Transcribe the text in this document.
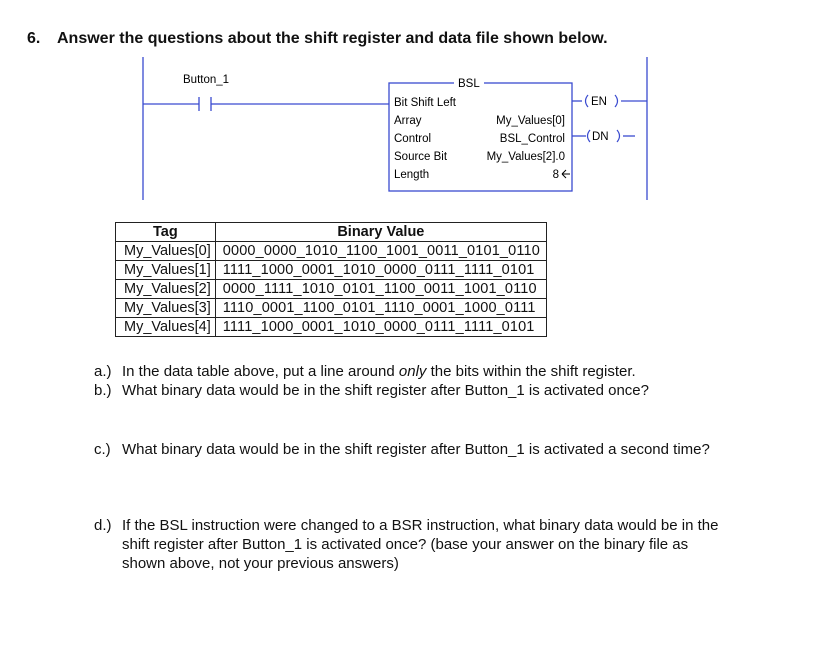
6. Answer the questions about the shift register and data file shown below.
Button_1	BSL
Bit Shift Left
Array	My_Values[0]
Control	BSL_Control
Source Bit	My_Values[2].0
Length	8
EN
DN
Tag	Binary Value
My_Values[0]	0000_0000_1010_1100_1001_0011_0101_0110
My_Values[1]	1111_1000_0001_1010_0000_0111_1111_0101
My_Values[2]	0000_1111_1010_0101_1100_0011_1001_0110
My_Values[3]	1110_0001_1100_0101_1110_0001_1000_0111
My_Values[4]	1111_1000_0001_1010_0000_0111_1111_0101
a.) In the data table above, put a line around only the bits within the shift register.
b.) What binary data would be in the shift register after Button_1 is activated once?
c.) What binary data would be in the shift register after Button_1 is activated a second time?
d.) If the BSL instruction were changed to a BSR instruction, what binary data would be in the shift register after Button_1 is activated once? (base your answer on the binary file as shown above, not your previous answers)
